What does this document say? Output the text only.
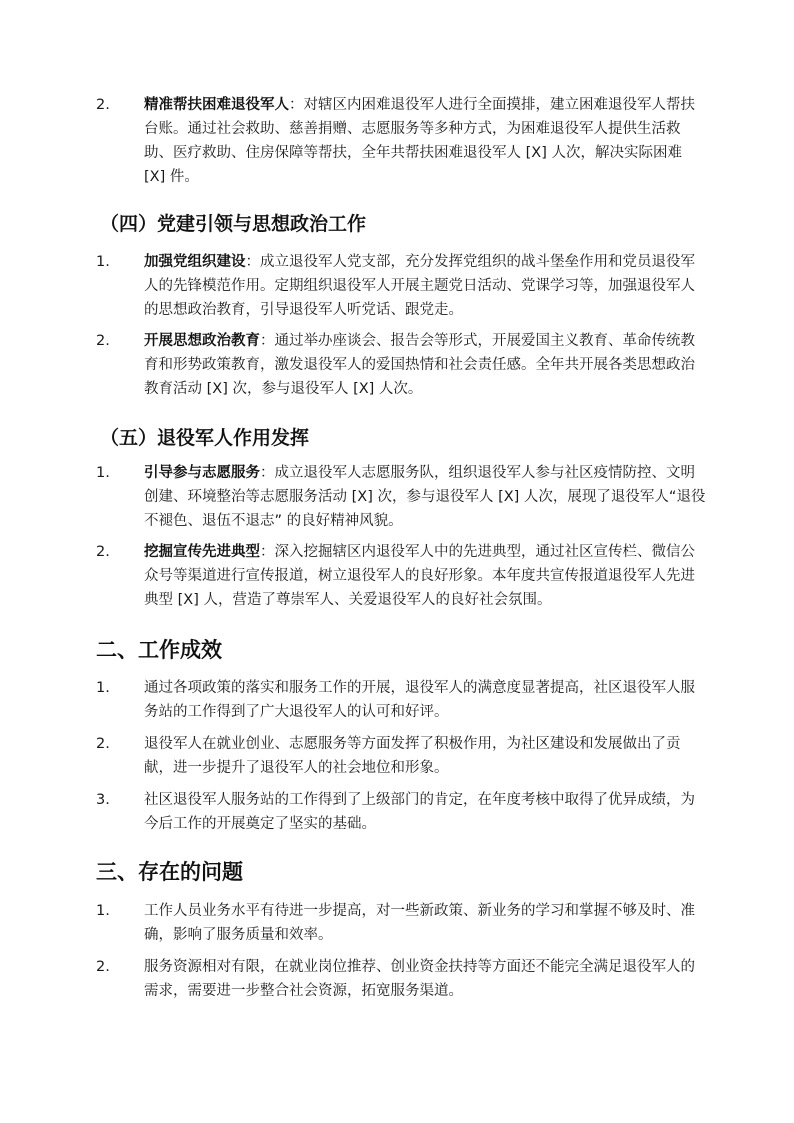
2.	精准帮扶困难退役军人：对辖区内困难退役军人进行全面摸排，建立困难退役军人帮扶台账。通过社会救助、慈善捐赠、志愿服务等多种方式，为困难退役军人提供生活救助、医疗救助、住房保障等帮扶，全年共帮扶困难退役军人 [X] 人次，解决实际困难 [X] 件。
（四）党建引领与思想政治工作
1.	加强党组织建设：成立退役军人党支部，充分发挥党组织的战斗堡垒作用和党员退役军人的先锋模范作用。定期组织退役军人开展主题党日活动、党课学习等，加强退役军人的思想政治教育，引导退役军人听党话、跟党走。
2.	开展思想政治教育：通过举办座谈会、报告会等形式，开展爱国主义教育、革命传统教育和形势政策教育，激发退役军人的爱国热情和社会责任感。全年共开展各类思想政治教育活动 [X] 次，参与退役军人 [X] 人次。
（五）退役军人作用发挥
1.	引导参与志愿服务：成立退役军人志愿服务队，组织退役军人参与社区疫情防控、文明创建、环境整治等志愿服务活动 [X] 次，参与退役军人 [X] 人次，展现了退役军人“退役不褪色、退伍不退志” 的良好精神风貌。
2.	挖掘宣传先进典型：深入挖掘辖区内退役军人中的先进典型，通过社区宣传栏、微信公众号等渠道进行宣传报道，树立退役军人的良好形象。本年度共宣传报道退役军人先进典型 [X] 人，营造了尊崇军人、关爱退役军人的良好社会氛围。
二、工作成效
1.	通过各项政策的落实和服务工作的开展，退役军人的满意度显著提高，社区退役军人服务站的工作得到了广大退役军人的认可和好评。
2.	退役军人在就业创业、志愿服务等方面发挥了积极作用，为社区建设和发展做出了贡献，进一步提升了退役军人的社会地位和形象。
3.	社区退役军人服务站的工作得到了上级部门的肯定，在年度考核中取得了优异成绩，为今后工作的开展奠定了坚实的基础。
三、存在的问题
1.	工作人员业务水平有待进一步提高，对一些新政策、新业务的学习和掌握不够及时、准确，影响了服务质量和效率。
2.	服务资源相对有限，在就业岗位推荐、创业资金扶持等方面还不能完全满足退役军人的需求，需要进一步整合社会资源，拓宽服务渠道。
